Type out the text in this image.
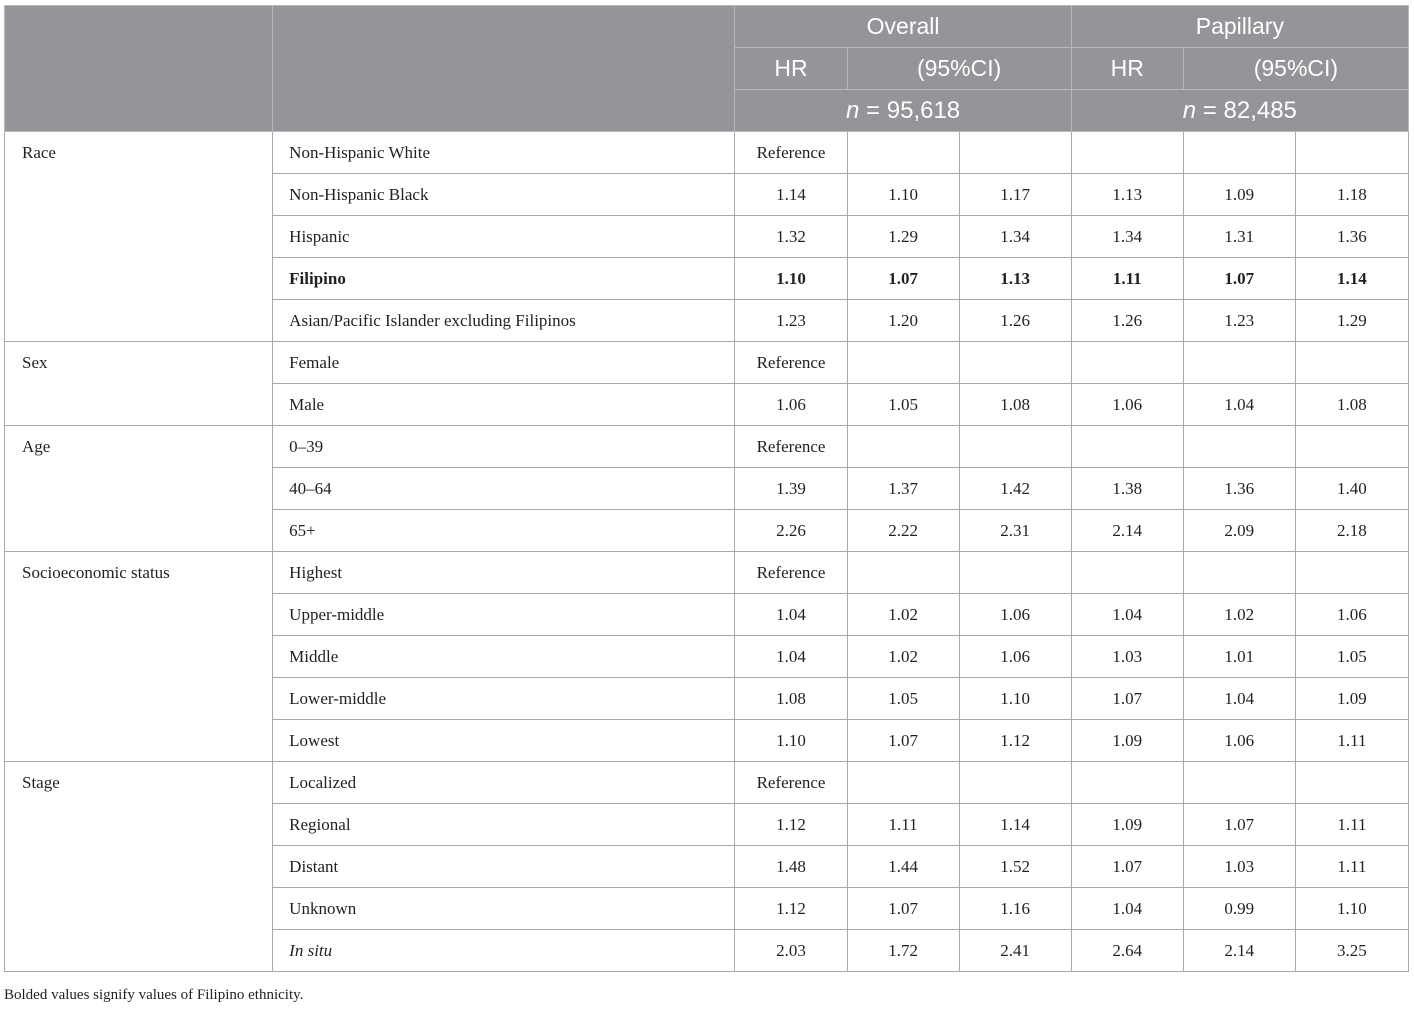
		Overall			Papillary		
		HR	(95%CI)		HR	(95%CI)	
		n = 95,618			n = 82,485		
Race	Non-Hispanic White	Reference					
	Non-Hispanic Black	1.14	1.10	1.17	1.13	1.09	1.18
	Hispanic	1.32	1.29	1.34	1.34	1.31	1.36
	Filipino	1.10	1.07	1.13	1.11	1.07	1.14
	Asian/Pacific Islander excluding Filipinos	1.23	1.20	1.26	1.26	1.23	1.29
Sex	Female	Reference					
	Male	1.06	1.05	1.08	1.06	1.04	1.08
Age	0–39	Reference					
	40–64	1.39	1.37	1.42	1.38	1.36	1.40
	65+	2.26	2.22	2.31	2.14	2.09	2.18
Socioeconomic status	Highest	Reference					
	Upper-middle	1.04	1.02	1.06	1.04	1.02	1.06
	Middle	1.04	1.02	1.06	1.03	1.01	1.05
	Lower-middle	1.08	1.05	1.10	1.07	1.04	1.09
	Lowest	1.10	1.07	1.12	1.09	1.06	1.11
Stage	Localized	Reference					
	Regional	1.12	1.11	1.14	1.09	1.07	1.11
	Distant	1.48	1.44	1.52	1.07	1.03	1.11
	Unknown	1.12	1.07	1.16	1.04	0.99	1.10
	In situ	2.03	1.72	2.41	2.64	2.14	3.25
Bolded values signify values of Filipino ethnicity.
